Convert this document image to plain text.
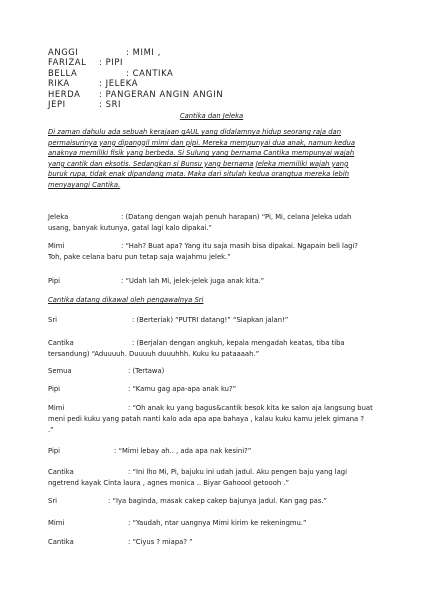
ANGGI	: MIMI ,
FARIZAL : PIPI
BELLA	: CANTIKA
RIKA	: JELEKA
HERDA : PANGERAN ANGIN ANGIN
JEPI	: SRI
Cantika dan Jeleka
Di zaman dahulu ada sebuah kerajaan gAUL yang didalamnya hidup seorang raja dan
permaisurinya yang dipanggil mimi dan pipi. Mereka mempunyai dua anak, namun kedua
anaknya memiliki fisik yang berbeda. Si Sulung yang bernama Cantika mempunyai wajah
yang cantik dan eksotis. Sedangkan si Bunsu yang bernama Jeleka memiliki wajah yang
buruk rupa, tidak enak dipandang mata. Maka dari situlah kedua orangtua mereka lebih
menyayangi Cantika.
Jeleka	: (Datang dengan wajah penuh harapan) “Pi, Mi, celana Jeleka udah
usang, banyak kutunya, gatal lagi kalo dipakai.”
Mimi	: “Hah? Buat apa? Yang itu saja masih bisa dipakai. Ngapain beli lagi?
Toh, pake celana baru pun tetap saja wajahmu jelek.”
Pipi	: “Udah lah Mi, jelek-jelek juga anak kita.”
Cantika datang dikawal oleh pengawalnya Sri
Sri	: (Berteriak) “PUTRI datang!” “Siapkan jalan!”
Cantika	: (Berjalan dengan angkuh, kepala mengadah keatas, tiba tiba
tersandung) “Aduuuuh. Duuuuh duuuhhh. Kuku ku pataaaah.”
Semua	: (Tertawa)
Pipi	: “Kamu gag apa-apa anak ku?”
Mimi	: “Oh anak ku yang bagus&cantik besok kita ke salon aja langsung buat
meni pedi kuku yang patah nanti kalo ada apa apa bahaya , kalau kuku kamu jelek gimana ?
.”
Pipi	: “Mimi lebay ah.. , ada apa nak kesini?”
Cantika	: “Ini lho Mi, Pi, bajuku ini udah jadul. Aku pengen baju yang lagi
ngetrend kayak Cinta laura , agnes monica .. Biyar Gahoool getoooh .”
Sri	: “Iya baginda, masak cakep cakep bajunya jadul. Kan gag pas.”
Mimi	: “Yaudah, ntar uangnya Mimi kirim ke rekeningmu.”
Cantika	: “Ciyus ? miapa? ”
